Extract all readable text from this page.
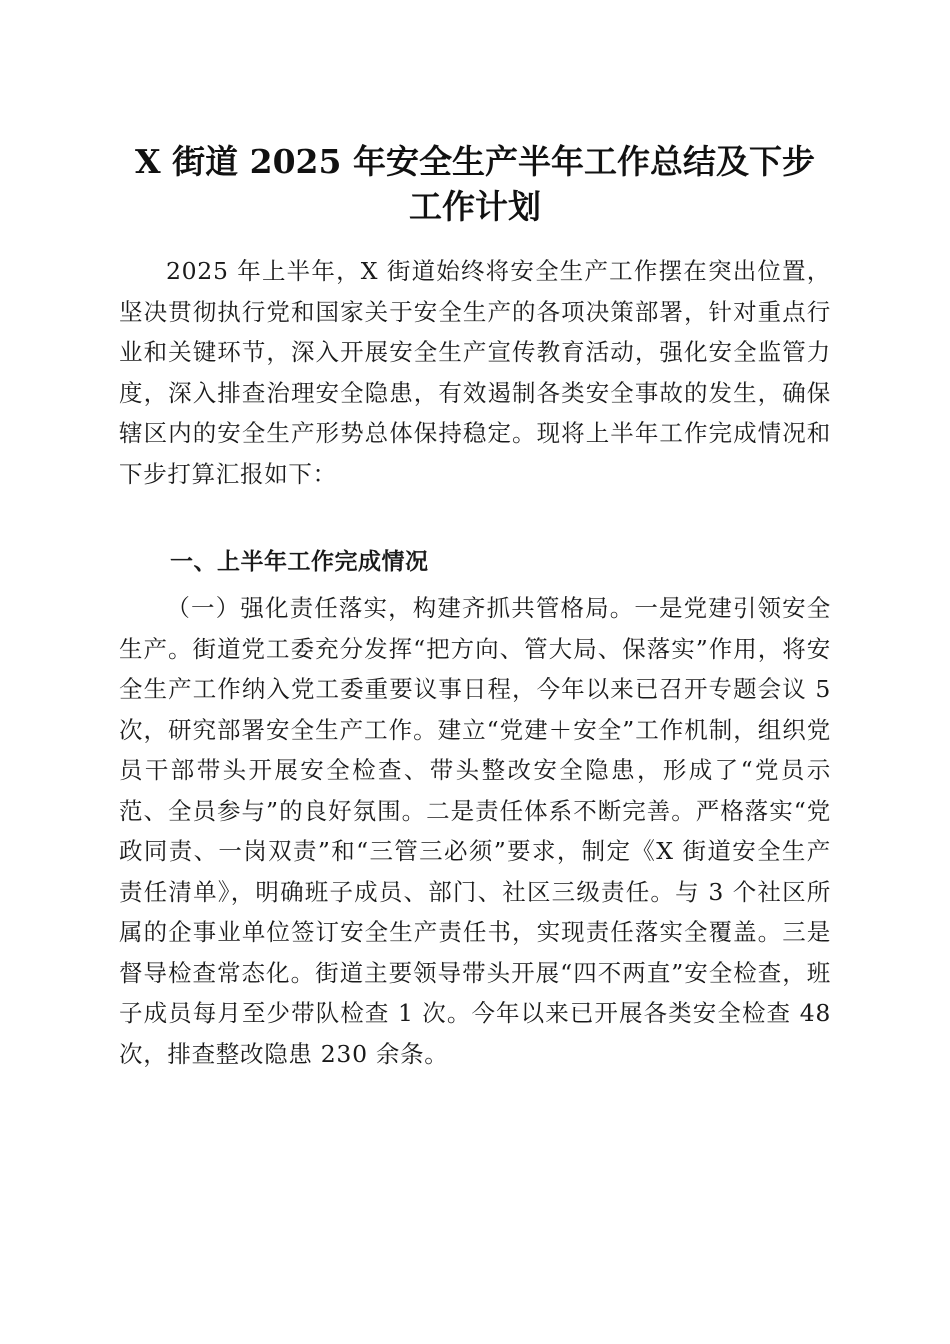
X 街道 2025 年安全生产半年工作总结及下步
工作计划

2025 年上半年，X 街道始终将安全生产工作摆在突出位置，坚决贯彻执行党和国家关于安全生产的各项决策部署，针对重点行业和关键环节，深入开展安全生产宣传教育活动，强化安全监管力度，深入排查治理安全隐患，有效遏制各类安全事故的发生，确保辖区内的安全生产形势总体保持稳定。现将上半年工作完成情况和下步打算汇报如下：

一、上半年工作完成情况

（一）强化责任落实，构建齐抓共管格局。一是党建引领安全生产。街道党工委充分发挥“把方向、管大局、保落实”作用，将安全生产工作纳入党工委重要议事日程，今年以来已召开专题会议 5 次，研究部署安全生产工作。建立“党建＋安全”工作机制，组织党员干部带头开展安全检查、带头整改安全隐患，形成了“党员示范、全员参与”的良好氛围。二是责任体系不断完善。严格落实“党政同责、一岗双责”和“三管三必须”要求，制定《X 街道安全生产责任清单》，明确班子成员、部门、社区三级责任。与 3 个社区所属的企事业单位签订安全生产责任书，实现责任落实全覆盖。三是督导检查常态化。街道主要领导带头开展“四不两直”安全检查，班子成员每月至少带队检查 1 次。今年以来已开展各类安全检查 48 次，排查整改隐患 230 余条。
